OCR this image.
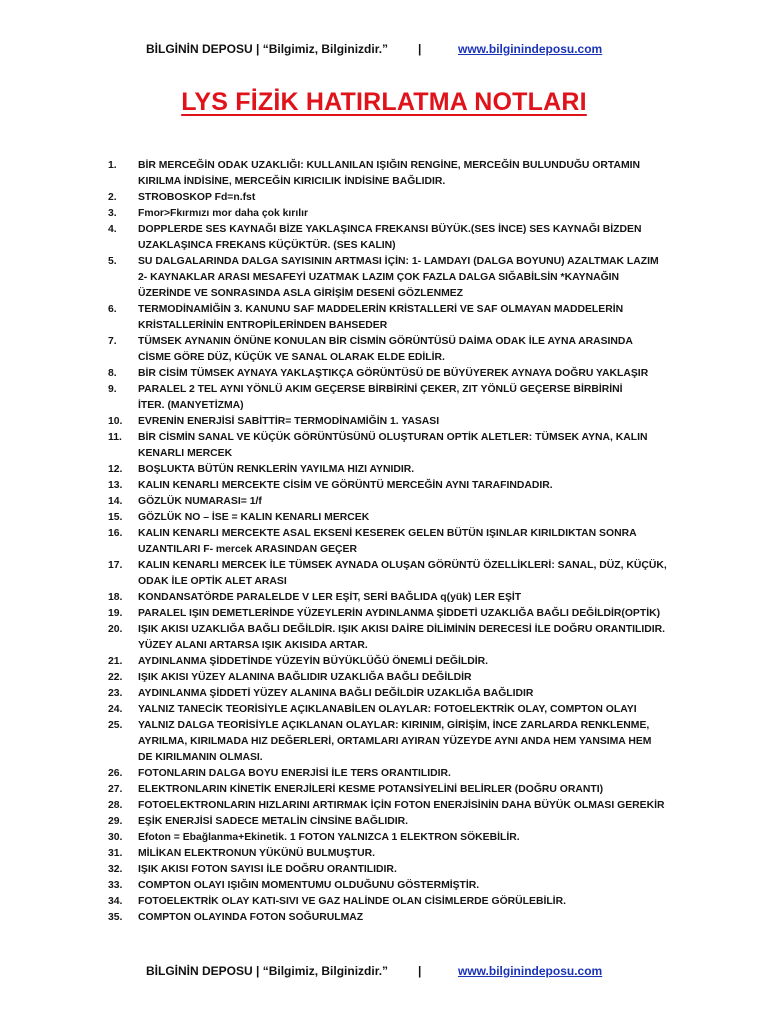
BİLGİNİN DEPOSU | “Bilgimiz, Bilginizdir.” |	www.bilginindeposu.com
LYS FİZİK HATIRLATMA NOTLARI
1.	BİR MERCEĞİN ODAK UZAKLIĞI: KULLANILAN IŞIĞIN RENGİNE, MERCEĞİN BULUNDUĞU ORTAMIN
KIRILMA İNDİSİNE, MERCEĞİN KIRICILIK İNDİSİNE BAĞLIDIR.
2.	STROBOSKOP Fd=n.fst
3.	Fmor>Fkırmızı mor daha çok kırılır
4.	DOPPLERDE SES KAYNAĞI BİZE YAKLAŞINCA FREKANSI BÜYÜK.(SES İNCE) SES KAYNAĞI BİZDEN
UZAKLAŞINCA FREKANS KÜÇÜKTÜR. (SES KALIN)
5.	SU DALGALARINDA DALGA SAYISININ ARTMASI İÇİN: 1- LAMDAYI (DALGA BOYUNU) AZALTMAK LAZIM
2- KAYNAKLAR ARASI MESAFEYİ UZATMAK LAZIM ÇOK FAZLA DALGA SIĞABİLSİN *KAYNAĞIN
ÜZERİNDE VE SONRASINDA ASLA GİRİŞİM DESENİ GÖZLENMEZ
6.	TERMODİNAMİĞİN 3. KANUNU SAF MADDELERİN KRİSTALLERİ VE SAF OLMAYAN MADDELERİN
KRİSTALLERİNİN ENTROPİLERİNDEN BAHSEDER
7.	TÜMSEK AYNANIN ÖNÜNE KONULAN BİR CİSMİN GÖRÜNTÜSÜ DAİMA ODAK İLE AYNA ARASINDA
CİSME GÖRE DÜZ, KÜÇÜK VE SANAL OLARAK ELDE EDİLİR.
8.	BİR CİSİM TÜMSEK AYNAYA YAKLAŞTIKÇA GÖRÜNTÜSÜ DE BÜYÜYEREK AYNAYA DOĞRU YAKLAŞIR
9.	PARALEL 2 TEL AYNI YÖNLÜ AKIM GEÇERSE BİRBİRİNİ ÇEKER, ZIT YÖNLÜ GEÇERSE BİRBİRİNİ
İTER. (MANYETİZMA)
10.	EVRENİN ENERJİSİ SABİTTİR= TERMODİNAMİĞİN 1. YASASI
11.	BİR CİSMİN SANAL VE KÜÇÜK GÖRÜNTÜSÜNÜ OLUŞTURAN OPTİK ALETLER: TÜMSEK AYNA, KALIN
KENARLI MERCEK
12.	BOŞLUKTA BÜTÜN RENKLERİN YAYILMA HIZI AYNIDIR.
13.	KALIN KENARLI MERCEKTE CİSİM VE GÖRÜNTÜ MERCEĞİN AYNI TARAFINDADIR.
14.	GÖZLÜK NUMARASI= 1/f
15.	GÖZLÜK NO – İSE = KALIN KENARLI MERCEK
16.	KALIN KENARLI MERCEKTE ASAL EKSENİ KESEREK GELEN BÜTÜN IŞINLAR KIRILDIKTAN SONRA
UZANTILARI F- mercek ARASINDAN GEÇER
17.	KALIN KENARLI MERCEK İLE TÜMSEK AYNADA OLUŞAN GÖRÜNTÜ ÖZELLİKLERİ: SANAL, DÜZ, KÜÇÜK,
ODAK İLE OPTİK ALET ARASI
18.	KONDANSATÖRDE PARALELDE V LER EŞİT, SERİ BAĞLIDA q(yük) LER EŞİT
19.	PARALEL IŞIN DEMETLERİNDE YÜZEYLERİN AYDINLANMA ŞİDDETİ UZAKLIĞA BAĞLI DEĞİLDİR(OPTİK)
20.	IŞIK AKISI UZAKLIĞA BAĞLI DEĞİLDİR. IŞIK AKISI DAİRE DİLİMİNİN DERECESİ İLE DOĞRU ORANTILIDIR.
YÜZEY ALANI ARTARSA IŞIK AKISIDA ARTAR.
21.	AYDINLANMA ŞİDDETİNDE YÜZEYİN BÜYÜKLÜĞÜ ÖNEMLİ DEĞİLDİR.
22.	IŞIK AKISI YÜZEY ALANINA BAĞLIDIR UZAKLIĞA BAĞLI DEĞİLDİR
23.	AYDINLANMA ŞİDDETİ YÜZEY ALANINA BAĞLI DEĞİLDİR UZAKLIĞA BAĞLIDIR
24.	YALNIZ TANECİK TEORİSİYLE AÇIKLANABİLEN OLAYLAR: FOTOELEKTRİK OLAY, COMPTON OLAYI
25.	YALNIZ DALGA TEORİSİYLE AÇIKLANAN OLAYLAR: KIRINIM, GİRİŞİM, İNCE ZARLARDA RENKLENME,
AYRILMA, KIRILMADA HIZ DEĞERLERİ, ORTAMLARI AYIRAN YÜZEYDE AYNI ANDA HEM YANSIMA HEM
DE KIRILMANIN OLMASI.
26.	FOTONLARIN DALGA BOYU ENERJİSİ İLE TERS ORANTILIDIR.
27.	ELEKTRONLARIN KİNETİK ENERJİLERİ KESME POTANSİYELİNİ BELİRLER (DOĞRU ORANTI)
28.	FOTOELEKTRONLARIN HIZLARINI ARTIRMAK İÇİN FOTON ENERJİSİNİN DAHA BÜYÜK OLMASI GEREKİR
29.	EŞİK ENERJİSİ SADECE METALİN CİNSİNE BAĞLIDIR.
30.	Efoton = Ebağlanma+Ekinetik. 1 FOTON YALNIZCA 1 ELEKTRON SÖKEBİLİR.
31.	MİLİKAN ELEKTRONUN YÜKÜNÜ BULMUŞTUR.
32.	IŞIK AKISI FOTON SAYISI İLE DOĞRU ORANTILIDIR.
33.	COMPTON OLAYI IŞIĞIN MOMENTUMU OLDUĞUNU GÖSTERMİŞTİR.
34.	FOTOELEKTRİK OLAY KATI-SIVI VE GAZ HALİNDE OLAN CİSİMLERDE GÖRÜLEBİLİR.
35.	COMPTON OLAYINDA FOTON SOĞURULMAZ
BİLGİNİN DEPOSU | “Bilgimiz, Bilginizdir.” |	www.bilginindeposu.com
